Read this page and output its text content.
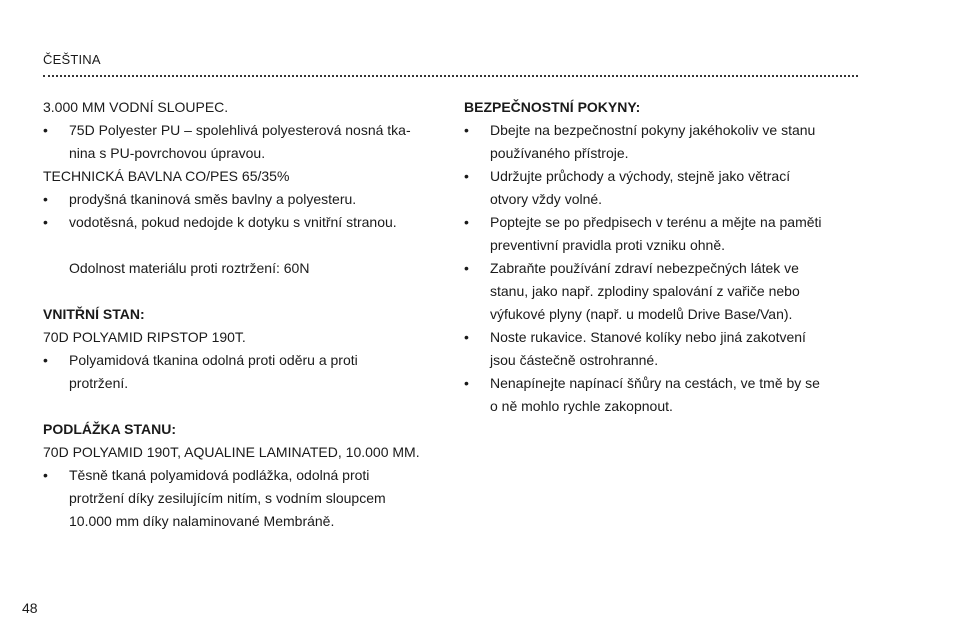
ČEŠTINA
3.000 MM VODNÍ SLOUPEC.
•	75D Polyester PU – spolehlivá polyesterová nosná tka-
nina s PU-povrchovou úpravou.
TECHNICKÁ BAVLNA CO/PES 65/35%
•	prodyšná tkaninová směs bavlny a polyesteru.
•	vodotěsná, pokud nedojde k dotyku s vnitřní stranou.
Odolnost materiálu proti roztržení: 60N
VNITŘNÍ STAN:
70D POLYAMID RIPSTOP 190T.
•	Polyamidová tkanina odolná proti oděru a proti
protržení.
PODLÁŽKA STANU:
70D POLYAMID 190T, AQUALINE LAMINATED, 10.000 MM.
•	Těsně tkaná polyamidová podlážka, odolná proti
protržení díky zesilujícím nitím, s vodním sloupcem
10.000 mm díky nalaminované Membráně.
BEZPEČNOSTNÍ POKYNY:
•	Dbejte na bezpečnostní pokyny jakéhokoliv ve stanu
používaného přístroje.
•	Udržujte průchody a východy, stejně jako větrací
otvory vždy volné.
•	Poptejte se po předpisech v terénu a mějte na paměti
preventivní pravidla proti vzniku ohně.
•	Zabraňte používání zdraví nebezpečných látek ve
stanu, jako např. zplodiny spalování z vařiče nebo
výfukové plyny (např. u modelů Drive Base/Van).
•	Noste rukavice. Stanové kolíky nebo jiná zakotvení
jsou částečně ostrohranné.
•	Nenapínejte napínací šňůry na cestách, ve tmě by se
o ně mohlo rychle zakopnout.
48
